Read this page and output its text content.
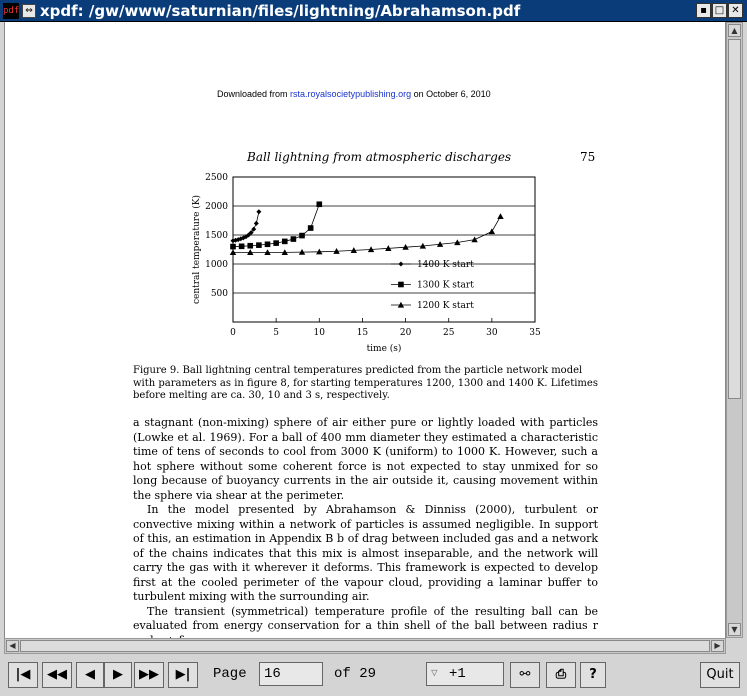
pdf ⇔ xpdf: /gw/www/saturnian/files/lightning/Abrahamson.pdf	▪ □ ✕
Downloaded from rsta.royalsocietypublishing.org on October 6, 2010
Ball lightning from atmospheric discharges	75
500
1000
1500
2000
2500
0	5	10	15	20	25	30	35
time (s)
central temperature (K)	1400 K start
1300 K start
1200 K start
Figure 9. Ball lightning central temperatures predicted from the particle network model with parameters as in figure 8, for starting temperatures 1200, 1300 and 1400 K. Lifetimes before melting are ca. 30, 10 and 3 s, respectively.

a stagnant (non-mixing) sphere of air either pure or lightly loaded with particles (Lowke et al. 1969). For a ball of 400 mm diameter they estimated a characteristic time of tens of seconds to cool from 3000 K (uniform) to 1000 K. However, such a hot sphere without some coherent force is not expected to stay unmixed for so long because of buoyancy currents in the air outside it, causing movement within the sphere via shear at the perimeter.

In the model presented by Abrahamson & Dinniss (2000), turbulent or convective mixing within a network of particles is assumed negligible. In support of this, an estimation in Appendix B b of drag between included gas and a network of the chains indicates that this mix is almost inseparable, and the network will carry the gas with it wherever it deforms. This framework is expected to develop first at the cooled perimeter of the vapour cloud, providing a laminar buffer to turbulent mixing with the surrounding air.

The transient (symmetrical) temperature profile of the resulting ball can be evaluated from energy conservation for a thin shell of the ball between radius r

▲
▼
◀	▶
|◀	◀◀	◀	▶	▶▶	▶|	Page	16	of 29	▽ +1	⚯	⎙	?	Quit
